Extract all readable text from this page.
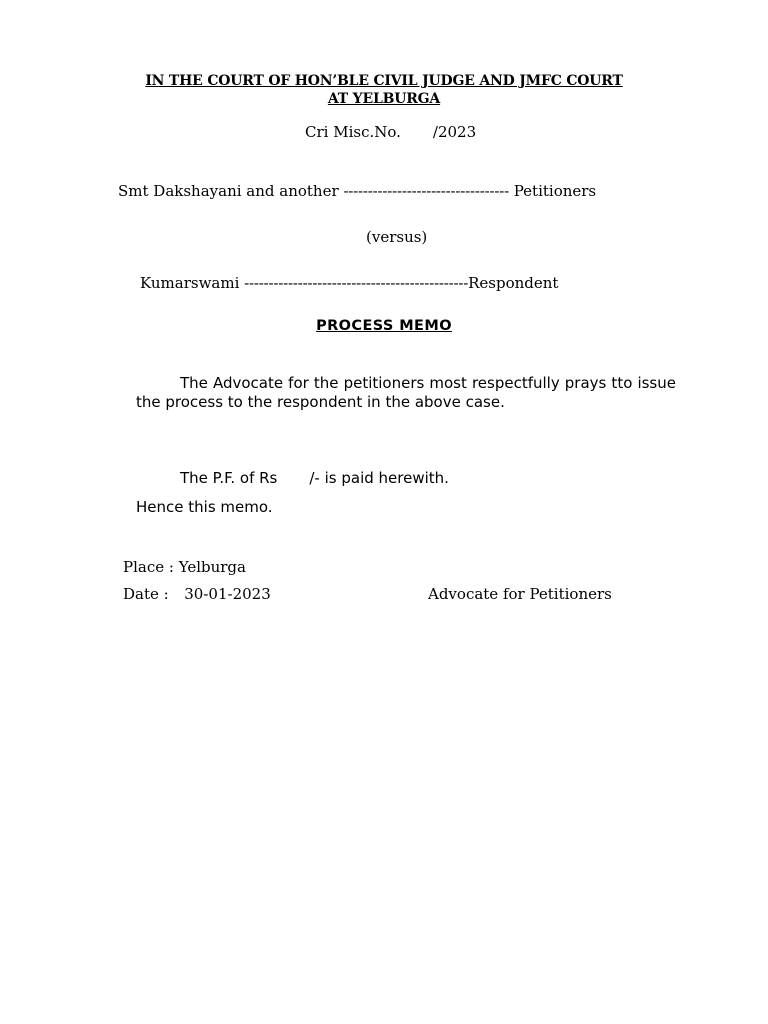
IN THE COURT OF HON’BLE CIVIL JUDGE AND JMFC COURT
AT YELBURGA
Cri Misc.No. /2023
Smt Dakshayani and another ---------------------------------- Petitioners
(versus)
Kumarswami ----------------------------------------------Respondent
PROCESS MEMO
The Advocate for the petitioners most respectfully prays tto issue the process to the respondent in the above case.
The P.F. of Rs /- is paid herewith.
Hence this memo.
Place : Yelburga
Date : 30-01-2023	Advocate for Petitioners
